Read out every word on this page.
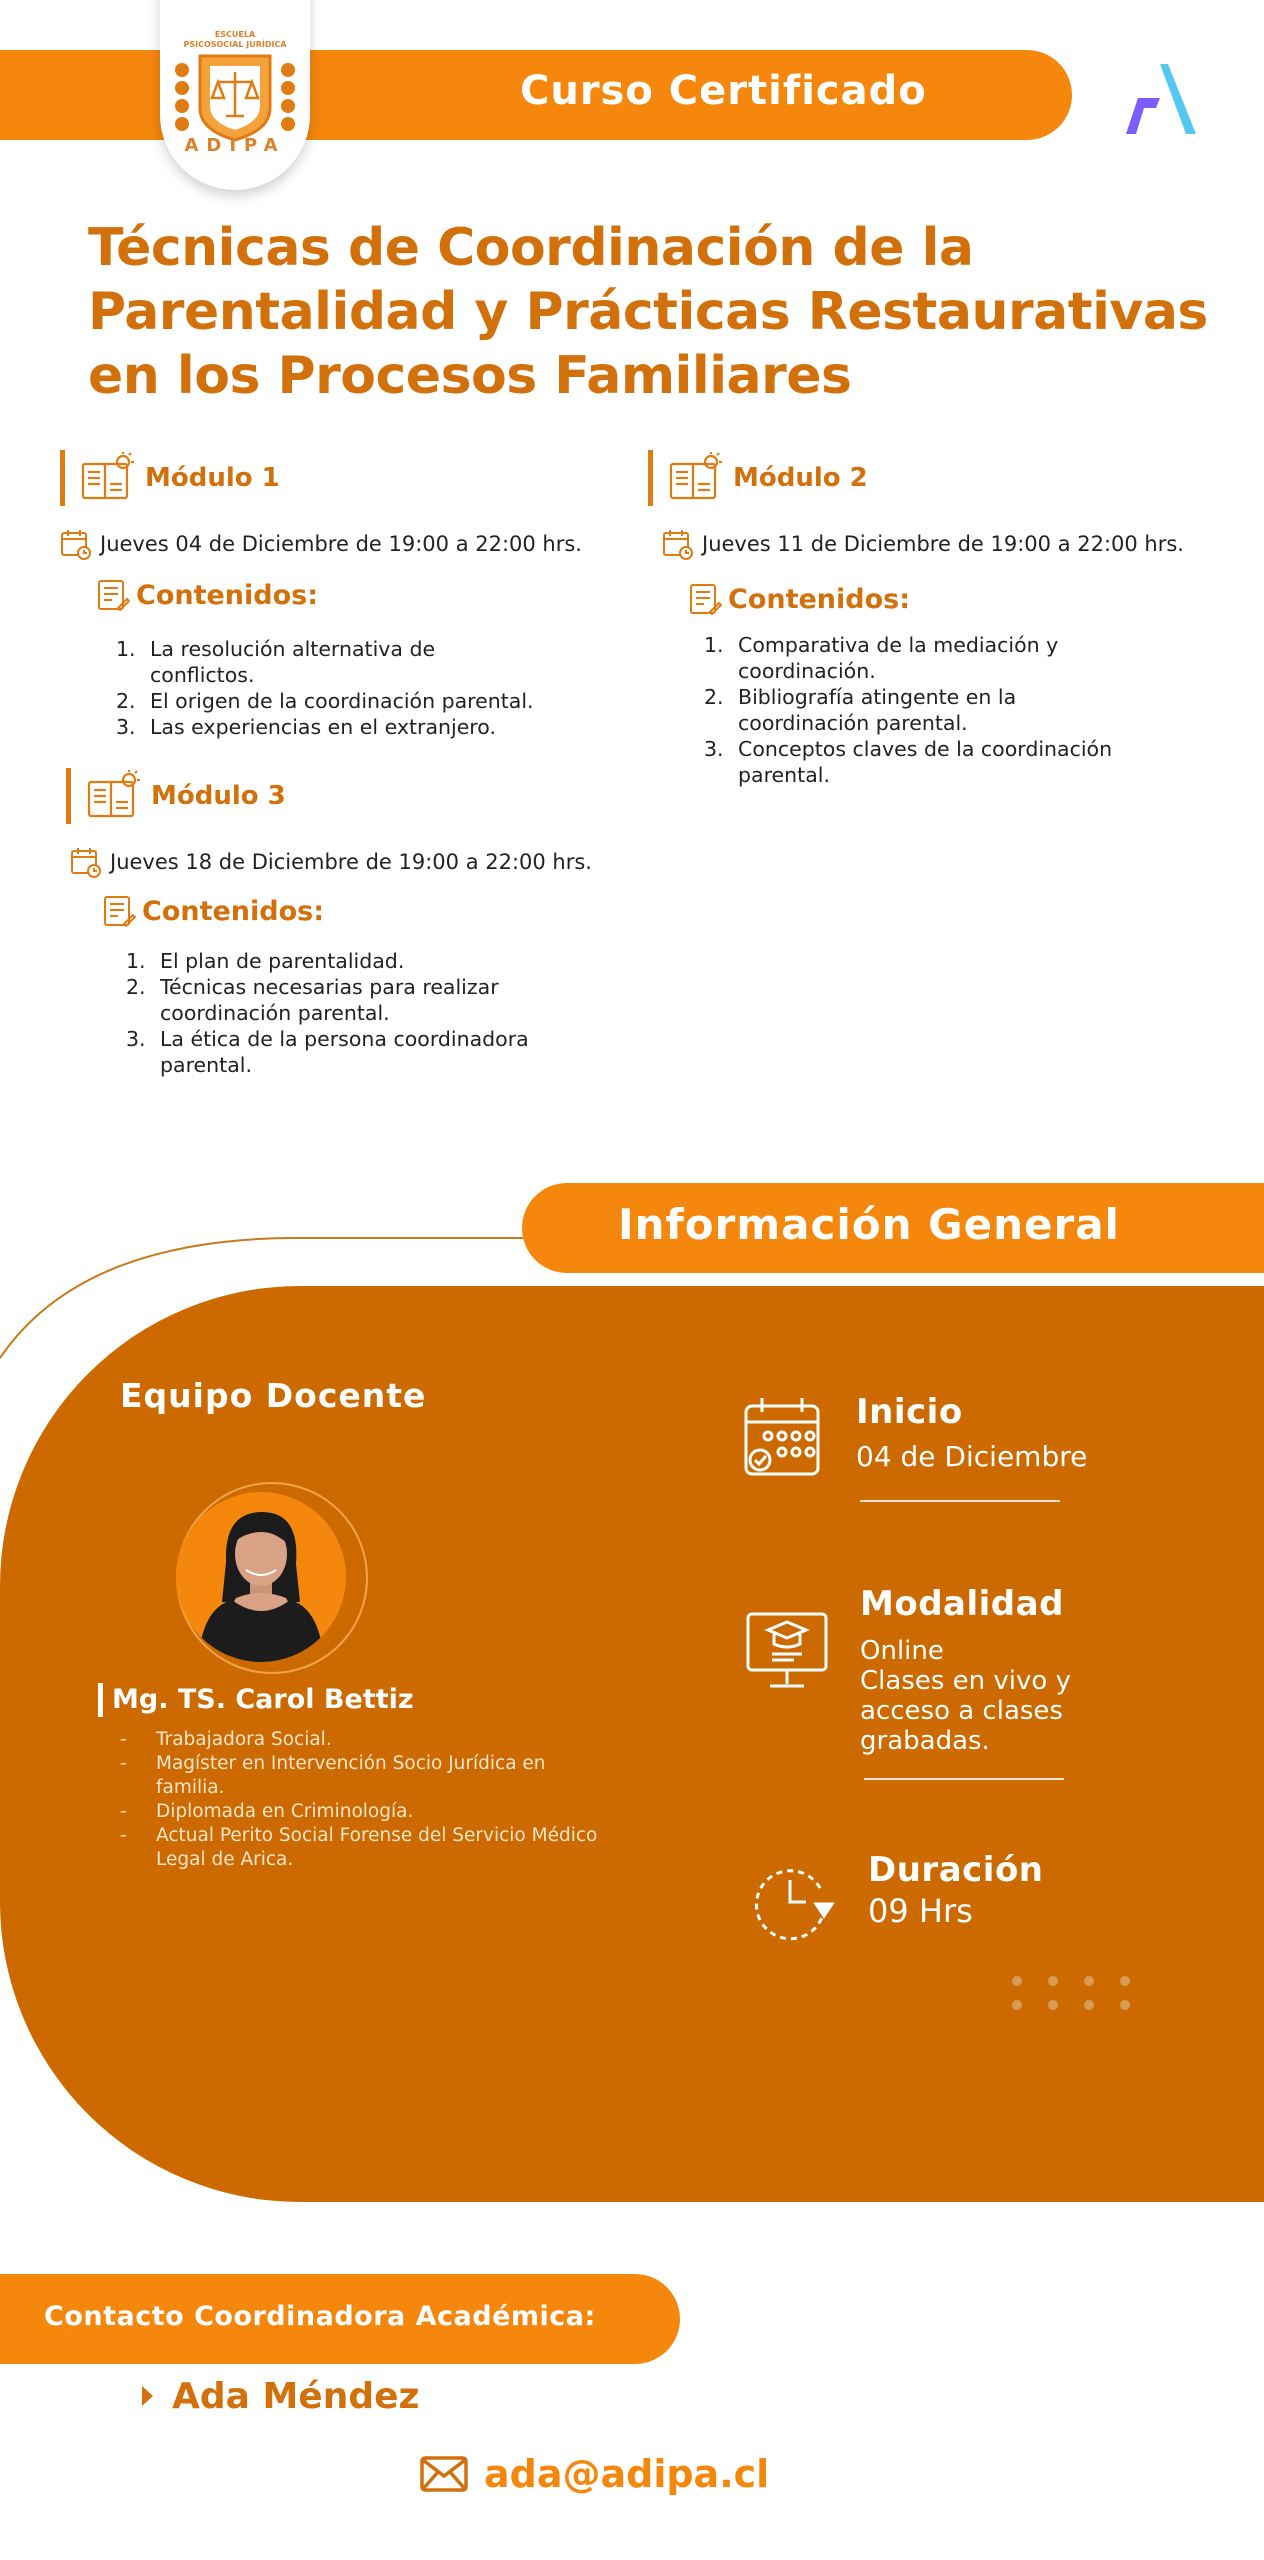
Curso Certificado
ESCUELA
PSICOSOCIAL JURÍDICA
ADIPA
Técnicas de Coordinación de la Parentalidad y Prácticas Restaurativas en los Procesos Familiares
Módulo 1
Jueves 04 de Diciembre de 19:00 a 22:00 hrs.
Contenidos:
1. La resolución alternativa de conflictos.
2. El origen de la coordinación parental.
3. Las experiencias en el extranjero.
Módulo 2
Jueves 11 de Diciembre de 19:00 a 22:00 hrs.
Contenidos:
1. Comparativa de la mediación y coordinación.
2. Bibliografía atingente en la coordinación parental.
3. Conceptos claves de la coordinación parental.
Módulo 3
Jueves 18 de Diciembre de 19:00 a 22:00 hrs.
Contenidos:
1. El plan de parentalidad.
2. Técnicas necesarias para realizar coordinación parental.
3. La ética de la persona coordinadora parental.
Información General
Equipo Docente
Mg. TS. Carol Bettiz
- Trabajadora Social.
- Magíster en Intervención Socio Jurídica en familia.
- Diplomada en Criminología.
- Actual Perito Social Forense del Servicio Médico Legal de Arica.
Inicio
04 de Diciembre
Modalidad
Online
Clases en vivo y
acceso a clases
grabadas.
Duración
09 Hrs
Contacto Coordinadora Académica:
Ada Méndez
ada@adipa.cl
